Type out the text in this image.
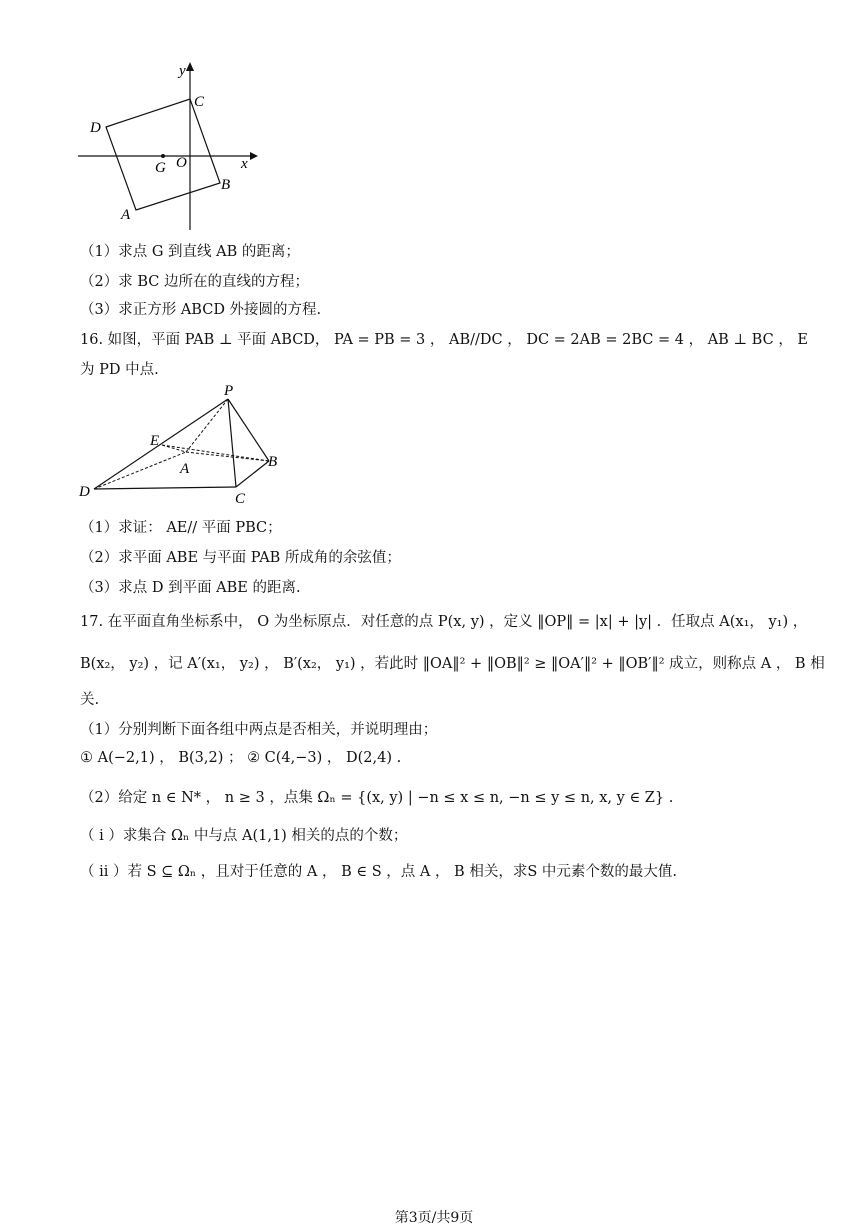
y
x
C
D
G O
B
A
（1）求点 G 到直线 AB 的距离；
（2）求 BC 边所在的直线的方程；
（3）求正方形 ABCD 外接圆的方程.
16. 如图，平面 PAB ⊥ 平面 ABCD， PA = PB = 3 ， AB//DC ， DC = 2AB = 2BC = 4 ， AB ⊥ BC ， E
为 PD 中点.
P
E
B
A
D	C
（1）求证： AE// 平面 PBC；
（2）求平面 ABE 与平面 PAB 所成角的余弦值；
（3）求点 D 到平面 ABE 的距离.
17. 在平面直角坐标系中， O 为坐标原点．对任意的点 P(x, y) ，定义 ‖OP‖ = |x| + |y| ．任取点 A(x₁， y₁) ，
B(x₂， y₂) ，记 A′(x₁， y₂) ， B′(x₂， y₁) ，若此时 ‖OA‖² + ‖OB‖² ≥ ‖OA′‖² + ‖OB′‖² 成立，则称点 A ， B 相
关.
（1）分别判断下面各组中两点是否相关，并说明理由；
① A(−2,1) ， B(3,2) ； ② C(4,−3) ， D(2,4) .
（2）给定 n ∈ N* ， n ≥ 3 ，点集 Ωₙ = {(x, y) | −n ≤ x ≤ n, −n ≤ y ≤ n, x, y ∈ Z} .
（ i ）求集合 Ωₙ 中与点 A(1,1) 相关的点的个数；
（ ii ）若 S ⊆ Ωₙ ，且对于任意的 A ， B ∈ S ，点 A ， B 相关，求S 中元素个数的最大值.
第3页/共9页
